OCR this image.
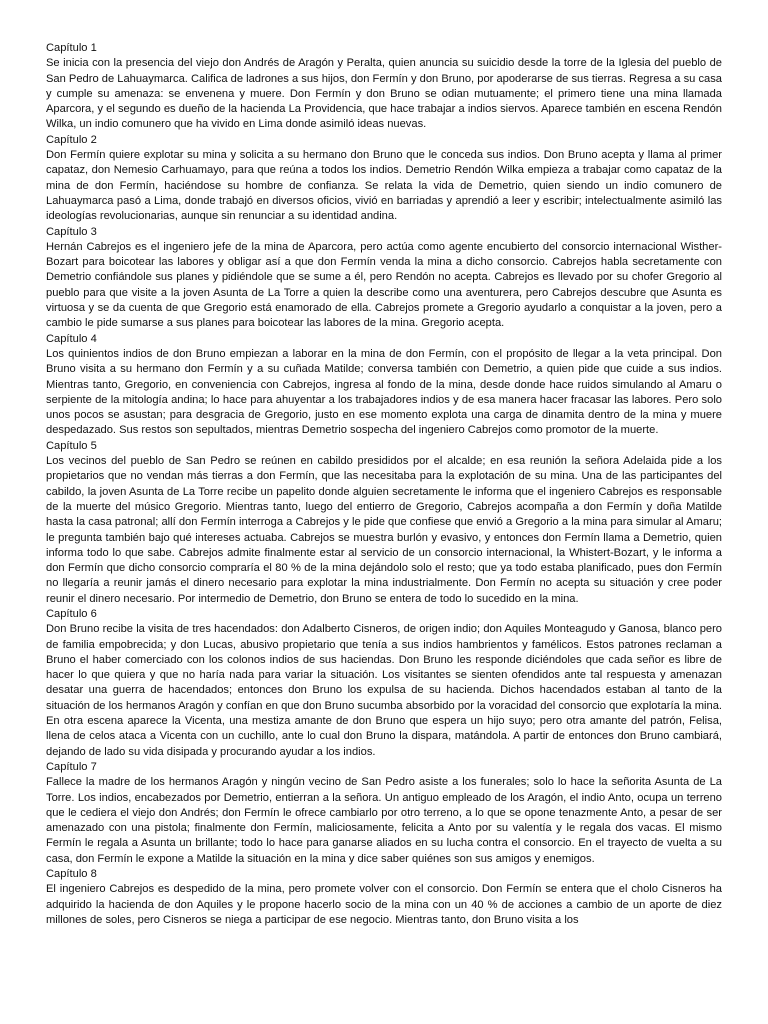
Capítulo 1

Se inicia con la presencia del viejo don Andrés de Aragón y Peralta, quien anuncia su suicidio desde la torre de la Iglesia del pueblo de San Pedro de Lahuaymarca. Califica de ladrones a sus hijos, don Fermín y don Bruno, por apoderarse de sus tierras. Regresa a su casa y cumple su amenaza: se envenena y muere. Don Fermín y don Bruno se odian mutuamente; el primero tiene una mina llamada Aparcora, y el segundo es dueño de la hacienda La Providencia, que hace trabajar a indios siervos. Aparece también en escena Rendón Wilka, un indio comunero que ha vivido en Lima donde asimiló ideas nuevas.

Capítulo 2

Don Fermín quiere explotar su mina y solicita a su hermano don Bruno que le conceda sus indios. Don Bruno acepta y llama al primer capataz, don Nemesio Carhuamayo, para que reúna a todos los indios. Demetrio Rendón Wilka empieza a trabajar como capataz de la mina de don Fermín, haciéndose su hombre de confianza. Se relata la vida de Demetrio, quien siendo un indio comunero de Lahuaymarca pasó a Lima, donde trabajó en diversos oficios, vivió en barriadas y aprendió a leer y escribir; intelectualmente asimiló las ideologías revolucionarias, aunque sin renunciar a su identidad andina.

Capítulo 3

Hernán Cabrejos es el ingeniero jefe de la mina de Aparcora, pero actúa como agente encubierto del consorcio internacional Wisther-Bozart para boicotear las labores y obligar así a que don Fermín venda la mina a dicho consorcio. Cabrejos habla secretamente con Demetrio confiándole sus planes y pidiéndole que se sume a él, pero Rendón no acepta. Cabrejos es llevado por su chofer Gregorio al pueblo para que visite a la joven Asunta de La Torre a quien la describe como una aventurera, pero Cabrejos descubre que Asunta es virtuosa y se da cuenta de que Gregorio está enamorado de ella. Cabrejos promete a Gregorio ayudarlo a conquistar a la joven, pero a cambio le pide sumarse a sus planes para boicotear las labores de la mina. Gregorio acepta.

Capítulo 4

Los quinientos indios de don Bruno empiezan a laborar en la mina de don Fermín, con el propósito de llegar a la veta principal. Don Bruno visita a su hermano don Fermín y a su cuñada Matilde; conversa también con Demetrio, a quien pide que cuide a sus indios. Mientras tanto, Gregorio, en conveniencia con Cabrejos, ingresa al fondo de la mina, desde donde hace ruidos simulando al Amaru o serpiente de la mitología andina; lo hace para ahuyentar a los trabajadores indios y de esa manera hacer fracasar las labores. Pero solo unos pocos se asustan; para desgracia de Gregorio, justo en ese momento explota una carga de dinamita dentro de la mina y muere despedazado. Sus restos son sepultados, mientras Demetrio sospecha del ingeniero Cabrejos como promotor de la muerte.

Capítulo 5

Los vecinos del pueblo de San Pedro se reúnen en cabildo presididos por el alcalde; en esa reunión la señora Adelaida pide a los propietarios que no vendan más tierras a don Fermín, que las necesitaba para la explotación de su mina. Una de las participantes del cabildo, la joven Asunta de La Torre recibe un papelito donde alguien secretamente le informa que el ingeniero Cabrejos es responsable de la muerte del músico Gregorio. Mientras tanto, luego del entierro de Gregorio, Cabrejos acompaña a don Fermín y doña Matilde hasta la casa patronal; allí don Fermín interroga a Cabrejos y le pide que confiese que envió a Gregorio a la mina para simular al Amaru; le pregunta también bajo qué intereses actuaba. Cabrejos se muestra burlón y evasivo, y entonces don Fermín llama a Demetrio, quien informa todo lo que sabe. Cabrejos admite finalmente estar al servicio de un consorcio internacional, la Whistert-Bozart, y le informa a don Fermín que dicho consorcio compraría el 80 % de la mina dejándolo solo el resto; que ya todo estaba planificado, pues don Fermín no llegaría a reunir jamás el dinero necesario para explotar la mina industrialmente. Don Fermín no acepta su situación y cree poder reunir el dinero necesario. Por intermedio de Demetrio, don Bruno se entera de todo lo sucedido en la mina.

Capítulo 6

Don Bruno recibe la visita de tres hacendados: don Adalberto Cisneros, de origen indio; don Aquiles Monteagudo y Ganosa, blanco pero de familia empobrecida; y don Lucas, abusivo propietario que tenía a sus indios hambrientos y famélicos. Estos patrones reclaman a Bruno el haber comerciado con los colonos indios de sus haciendas. Don Bruno les responde diciéndoles que cada señor es libre de hacer lo que quiera y que no haría nada para variar la situación. Los visitantes se sienten ofendidos ante tal respuesta y amenazan desatar una guerra de hacendados; entonces don Bruno los expulsa de su hacienda. Dichos hacendados estaban al tanto de la situación de los hermanos Aragón y confían en que don Bruno sucumba absorbido por la voracidad del consorcio que explotaría la mina. En otra escena aparece la Vicenta, una mestiza amante de don Bruno que espera un hijo suyo; pero otra amante del patrón, Felisa, llena de celos ataca a Vicenta con un cuchillo, ante lo cual don Bruno la dispara, matándola. A partir de entonces don Bruno cambiará, dejando de lado su vida disipada y procurando ayudar a los indios.

Capítulo 7

Fallece la madre de los hermanos Aragón y ningún vecino de San Pedro asiste a los funerales; solo lo hace la señorita Asunta de La Torre. Los indios, encabezados por Demetrio, entierran a la señora. Un antiguo empleado de los Aragón, el indio Anto, ocupa un terreno que le cediera el viejo don Andrés; don Fermín le ofrece cambiarlo por otro terreno, a lo que se opone tenazmente Anto, a pesar de ser amenazado con una pistola; finalmente don Fermín, maliciosamente, felicita a Anto por su valentía y le regala dos vacas. El mismo Fermín le regala a Asunta un brillante; todo lo hace para ganarse aliados en su lucha contra el consorcio. En el trayecto de vuelta a su casa, don Fermín le expone a Matilde la situación en la mina y dice saber quiénes son sus amigos y enemigos.

Capítulo 8

El ingeniero Cabrejos es despedido de la mina, pero promete volver con el consorcio. Don Fermín se entera que el cholo Cisneros ha adquirido la hacienda de don Aquiles y le propone hacerlo socio de la mina con un 40 % de acciones a cambio de un aporte de diez millones de soles, pero Cisneros se niega a participar de ese negocio. Mientras tanto, don Bruno visita a los
